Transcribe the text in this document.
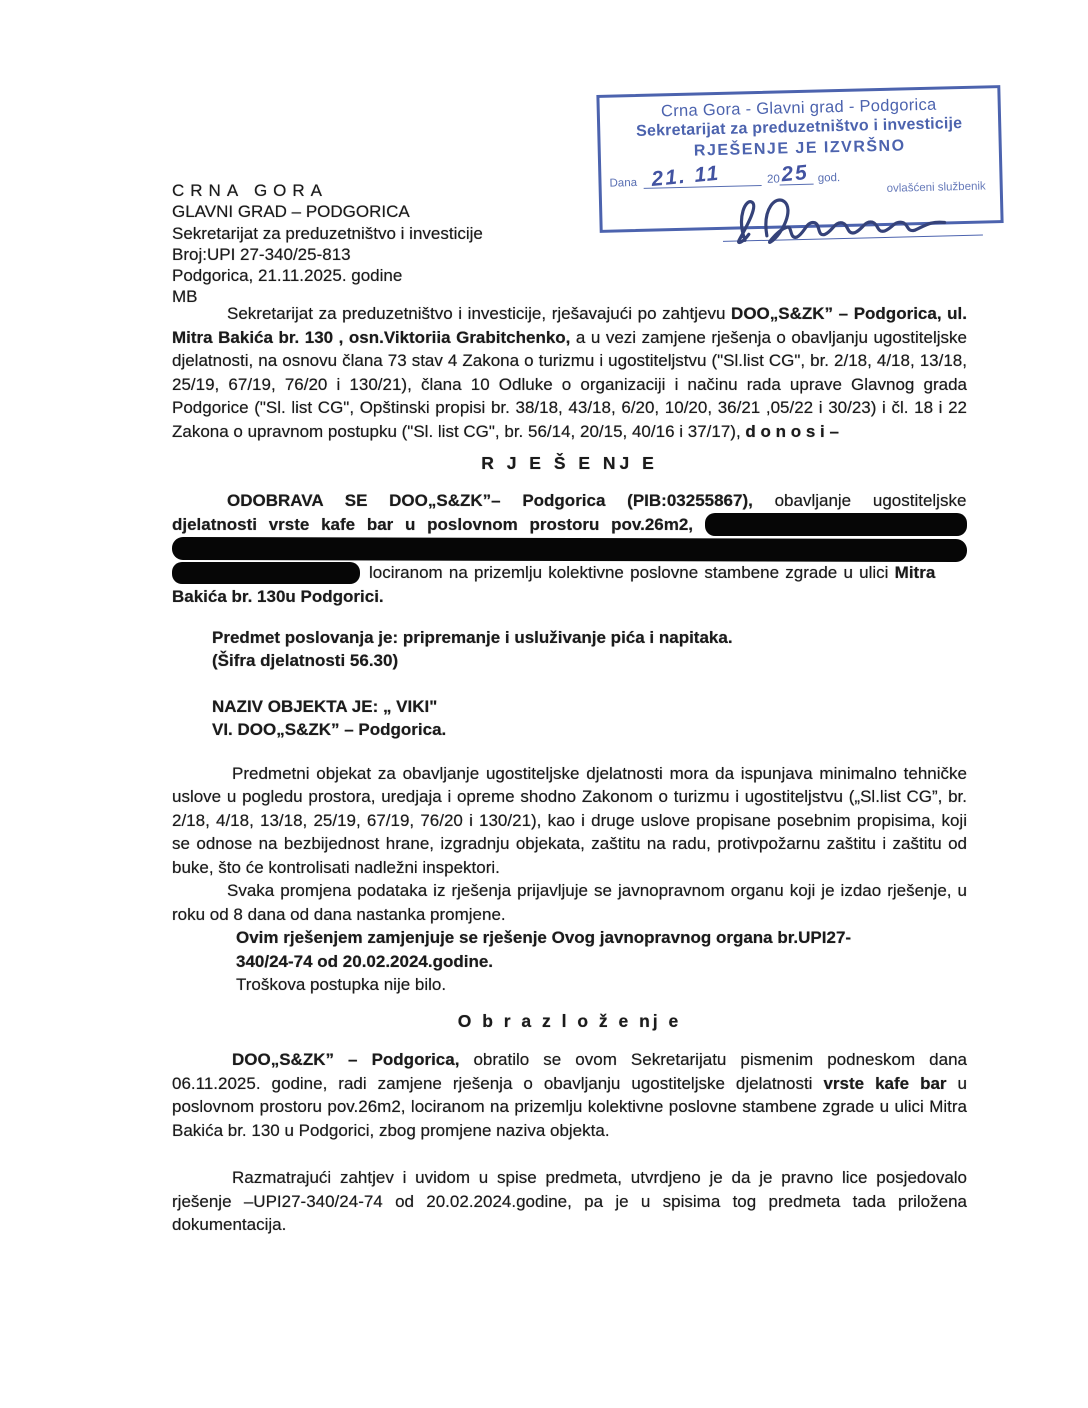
Crna Gora - Glavni grad - Podgorica
Sekretarijat za preduzetništvo i investicije
RJEŠENJE JE IZVRŠNO
Dana 21. 11	20 25 god.
ovlašćeni službenik
CRNA GORA
GLAVNI GRAD – PODGORICA
Sekretarijat za preduzetništvo i investicije
Broj:UPI 27-340/25-813
Podgorica, 21.11.2025. godine
MB

Sekretarijat za preduzetništvo i investicije, rješavajući po zahtjevu DOO„S&ZK” – Podgorica, ul. Mitra Bakića br. 130 , osn.Viktoriia Grabitchenko, a u vezi zamjene rješenja o obavljanju ugostiteljske djelatnosti, na osnovu člana 73 stav 4 Zakona o turizmu i ugostiteljstvu ("Sl.list CG", br. 2/18, 4/18, 13/18, 25/19, 67/19, 76/20 i 130/21), člana 10 Odluke o organizaciji i načinu rada uprave Glavnog grada Podgorice ("Sl. list CG", Opštinski propisi br. 38/18, 43/18, 6/20, 10/20, 36/21 ,05/22 i 30/23) i čl. 18 i 22 Zakona o upravnom postupku ("Sl. list CG", br. 56/14, 20/15, 40/16 i 37/17), d o n o s i –

R J E Š E NJ E
ODOBRAVA SE DOO„S&ZK”– Podgorica (PIB:03255867), obavljanje ugostiteljske
djelatnosti vrste kafe bar u poslovnom prostoru pov.26m2,
lociranom na prizemlju kolektivne poslovne stambene zgrade u ulici Mitra
Bakića br. 130u Podgorici.
Predmet poslovanja je: pripremanje i usluživanje pića i napitaka.
(Šifra djelatnosti 56.30)
NAZIV OBJEKTA JE: „ VIKI"
VI. DOO„S&ZK” – Podgorica.

Predmetni objekat za obavljanje ugostiteljske djelatnosti mora da ispunjava minimalno tehničke uslove u pogledu prostora, uredjaja i opreme shodno Zakonom o turizmu i ugostiteljstvu („Sl.list CG”, br. 2/18, 4/18, 13/18, 25/19, 67/19, 76/20 i 130/21), kao i druge uslove propisane posebnim propisima, koji se odnose na bezbijednost hrane, izgradnju objekata, zaštitu na radu, protivpožarnu zaštitu i zaštitu od buke, što će kontrolisati nadležni inspektori.

Svaka promjena podataka iz rješenja prijavljuje se javnopravnom organu koji je izdao rješenje, u roku od 8 dana od dana nastanka promjene.

Ovim rješenjem zamjenjuje se rješenje Ovog javnopravnog organa br.UPI27-
340/24-74 od 20.02.2024.godine.
Troškova postupka nije bilo.
O b r a z l o ž e nj e

DOO„S&ZK” – Podgorica, obratilo se ovom Sekretarijatu pismenim podneskom dana 06.11.2025. godine, radi zamjene rješenja o obavljanju ugostiteljske djelatnosti vrste kafe bar u poslovnom prostoru pov.26m2, lociranom na prizemlju kolektivne poslovne stambene zgrade u ulici Mitra Bakića br. 130 u Podgorici, zbog promjene naziva objekta.

Razmatrajući zahtjev i uvidom u spise predmeta, utvrdjeno je da je pravno lice posjedovalo rješenje –UPI27-340/24-74 od 20.02.2024.godine, pa je u spisima tog predmeta tada priložena dokumentacija.
